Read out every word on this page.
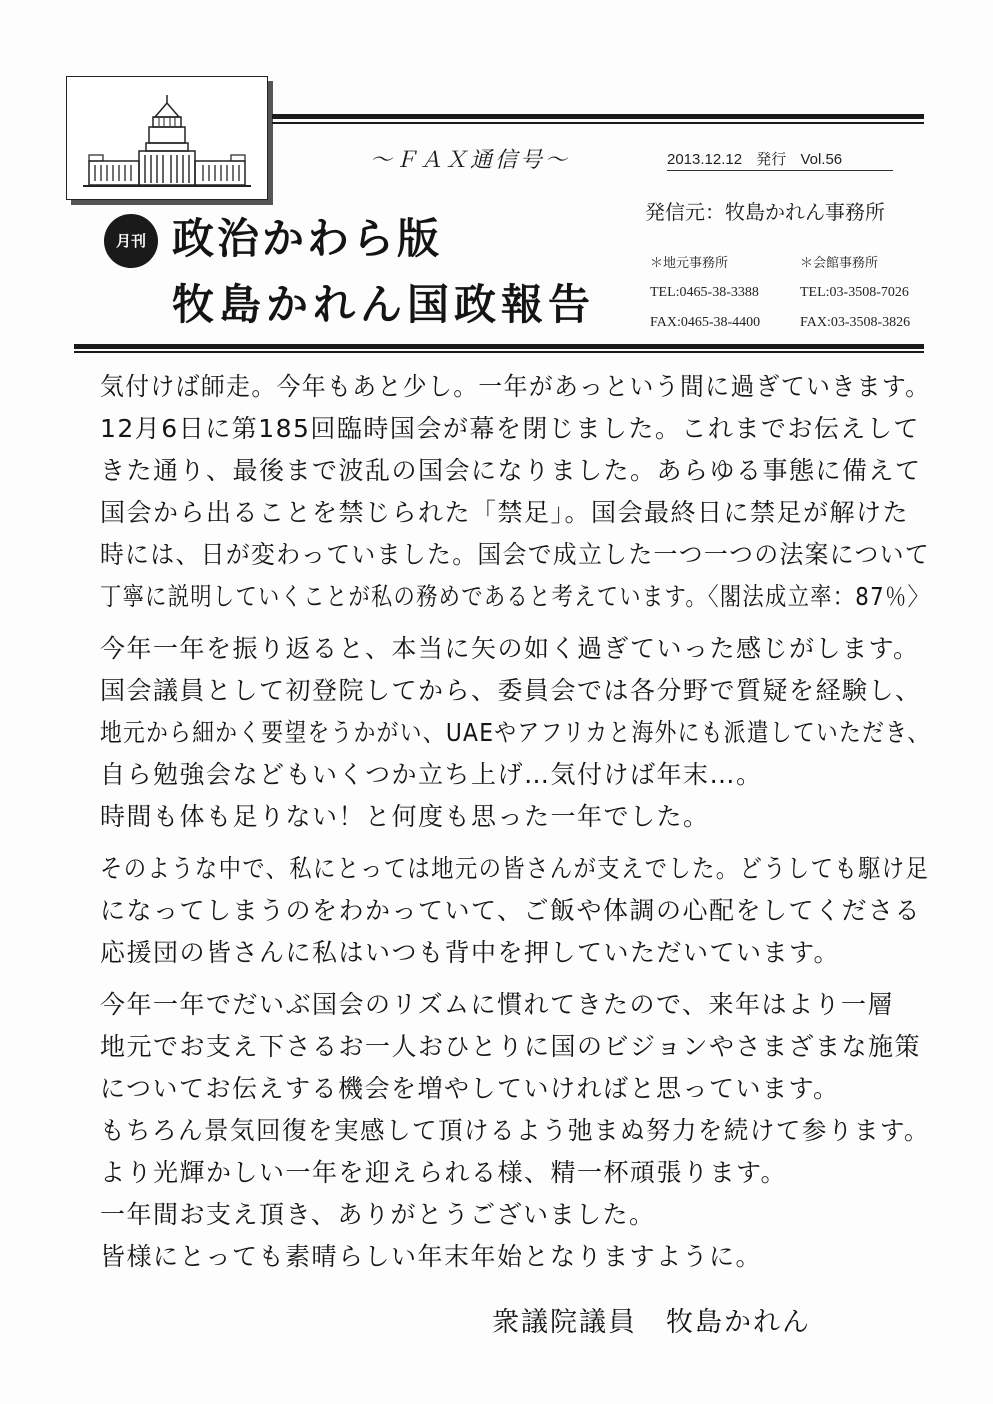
～ＦＡＸ通信号～	2013.12.12 発行 Vol.56
発信元：牧島かれん事務所
月刊 政治かわら版
牧島かれん国政報告
＊地元事務所
TEL:0465-38-3388
FAX:0465-38-4400
＊会館事務所
TEL:03-3508-7026
FAX:03-3508-3826
気付けば師走。今年もあと少し。一年があっという間に過ぎていきます。
12月6日に第185回臨時国会が幕を閉じました。これまでお伝えして
きた通り、最後まで波乱の国会になりました。あらゆる事態に備えて
国会から出ることを禁じられた「禁足」。国会最終日に禁足が解けた
時には、日が変わっていました。国会で成立した一つ一つの法案について
丁寧に説明していくことが私の務めであると考えています。〈閣法成立率：87％〉
今年一年を振り返ると、本当に矢の如く過ぎていった感じがします。
国会議員として初登院してから、委員会では各分野で質疑を経験し、
地元から細かく要望をうかがい、UAEやアフリカと海外にも派遣していただき、
自ら勉強会などもいくつか立ち上げ…気付けば年末…。
時間も体も足りない！と何度も思った一年でした。
そのような中で、私にとっては地元の皆さんが支えでした。どうしても駆け足
になってしまうのをわかっていて、ご飯や体調の心配をしてくださる
応援団の皆さんに私はいつも背中を押していただいています。
今年一年でだいぶ国会のリズムに慣れてきたので、来年はより一層
地元でお支え下さるお一人おひとりに国のビジョンやさまざまな施策
についてお伝えする機会を増やしていければと思っています。
もちろん景気回復を実感して頂けるよう弛まぬ努力を続けて参ります。
より光輝かしい一年を迎えられる様、精一杯頑張ります。
一年間お支え頂き、ありがとうございました。
皆様にとっても素晴らしい年末年始となりますように。
衆議院議員　牧島かれん
